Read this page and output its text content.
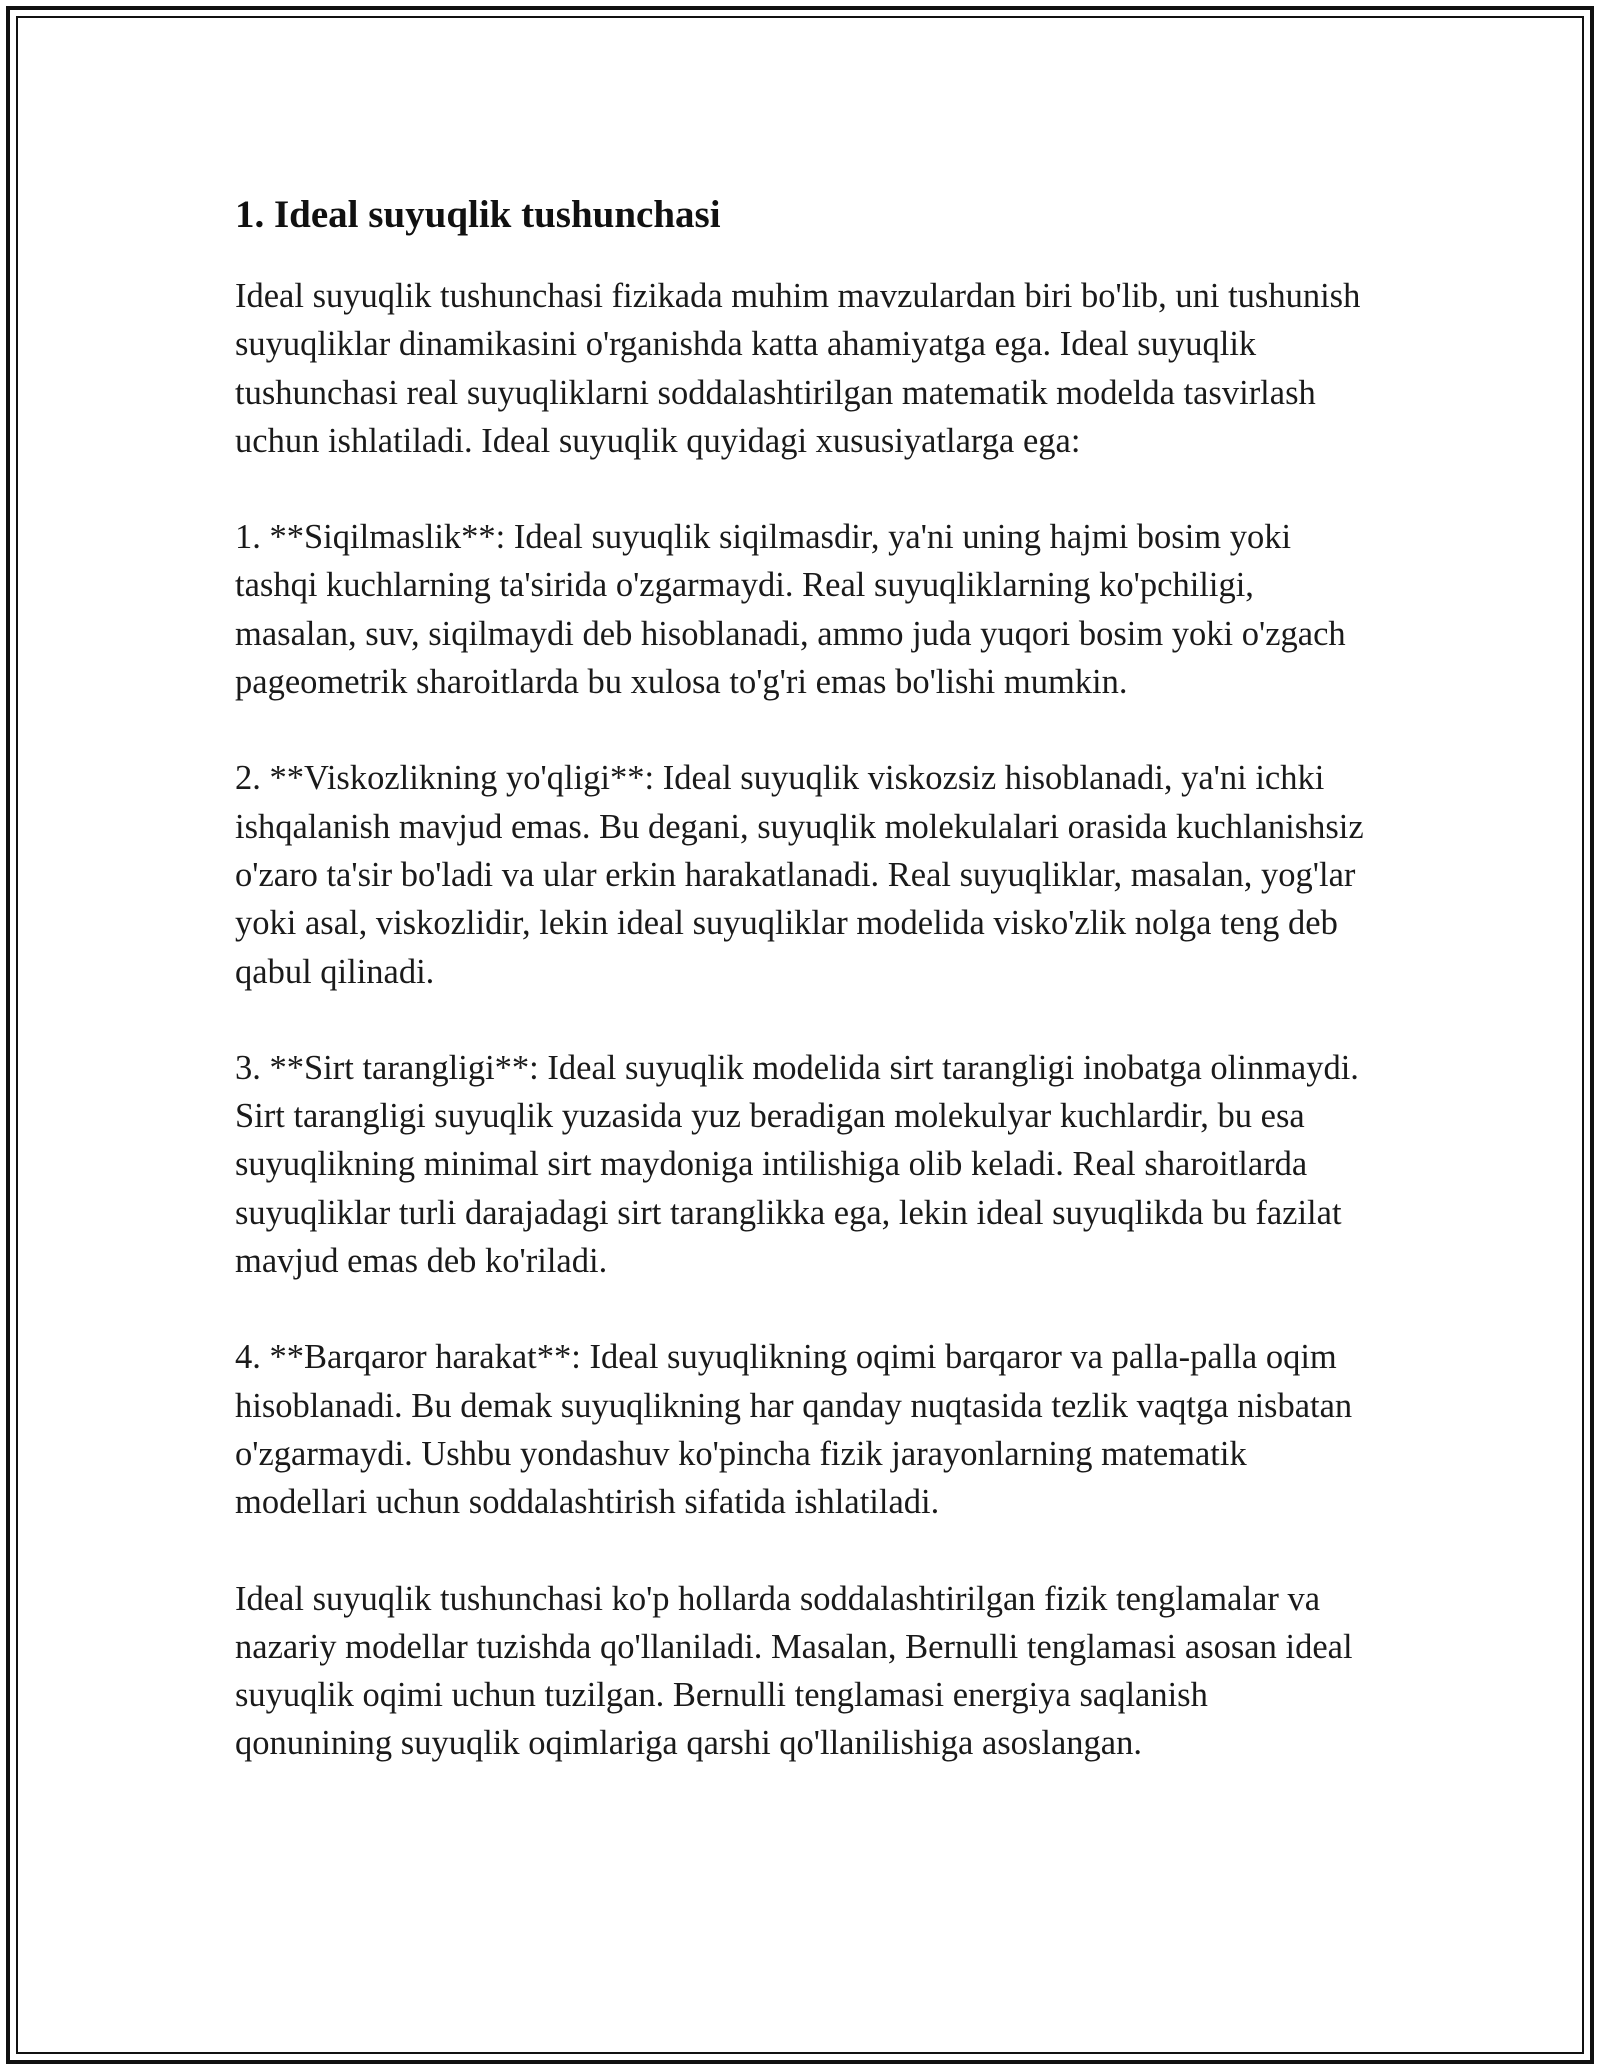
1. Ideal suyuqlik tushunchasi

Ideal suyuqlik tushunchasi fizikada muhim mavzulardan biri bo'lib, uni tushunish suyuqliklar dinamikasini o'rganishda katta ahamiyatga ega. Ideal suyuqlik tushunchasi real suyuqliklarni soddalashtirilgan matematik modelda tasvirlash uchun ishlatiladi. Ideal suyuqlik quyidagi xususiyatlarga ega:

1. **Siqilmaslik**: Ideal suyuqlik siqilmasdir, ya'ni uning hajmi bosim yoki tashqi kuchlarning ta'sirida o'zgarmaydi. Real suyuqliklarning ko'pchiligi, masalan, suv, siqilmaydi deb hisoblanadi, ammo juda yuqori bosim yoki o'zgach pageometrik sharoitlarda bu xulosa to'g'ri emas bo'lishi mumkin.

2. **Viskozlikning yo'qligi**: Ideal suyuqlik viskozsiz hisoblanadi, ya'ni ichki ishqalanish mavjud emas. Bu degani, suyuqlik molekulalari orasida kuchlanishsiz o'zaro ta'sir bo'ladi va ular erkin harakatlanadi. Real suyuqliklar, masalan, yog'lar yoki asal, viskozlidir, lekin ideal suyuqliklar modelida visko'zlik nolga teng deb qabul qilinadi.

3. **Sirt tarangligi**: Ideal suyuqlik modelida sirt tarangligi inobatga olinmaydi. Sirt tarangligi suyuqlik yuzasida yuz beradigan molekulyar kuchlardir, bu esa suyuqlikning minimal sirt maydoniga intilishiga olib keladi. Real sharoitlarda suyuqliklar turli darajadagi sirt taranglikka ega, lekin ideal suyuqlikda bu fazilat mavjud emas deb ko'riladi.

4. **Barqaror harakat**: Ideal suyuqlikning oqimi barqaror va palla-palla oqim hisoblanadi. Bu demak suyuqlikning har qanday nuqtasida tezlik vaqtga nisbatan o'zgarmaydi. Ushbu yondashuv ko'pincha fizik jarayonlarning matematik modellari uchun soddalashtirish sifatida ishlatiladi.

Ideal suyuqlik tushunchasi ko'p hollarda soddalashtirilgan fizik tenglamalar va nazariy modellar tuzishda qo'llaniladi. Masalan, Bernulli tenglamasi asosan ideal suyuqlik oqimi uchun tuzilgan. Bernulli tenglamasi energiya saqlanish qonunining suyuqlik oqimlariga qarshi qo'llanilishiga asoslangan.
